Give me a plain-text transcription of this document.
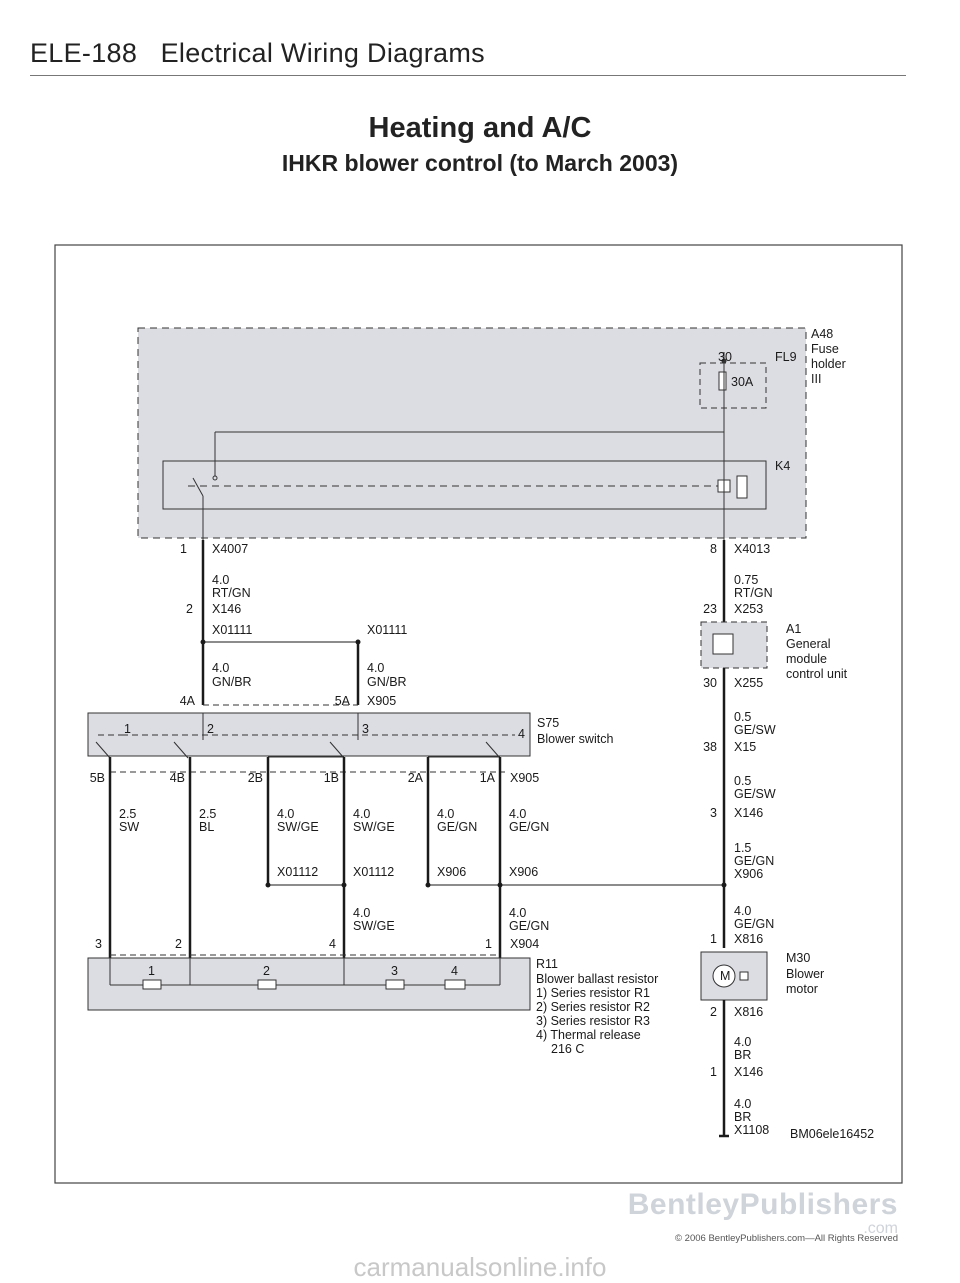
ELE-188 Electrical Wiring Diagrams
Heating and A/C
IHKR blower control (to March 2003)
A48
Fuse
holder
III
30	FL9
30A
K4
1 X4007
4.0
RT/GN
2 X146
X01111	X01111
4.0
GN/BR
4.0
GN/BR
4A	5A X905
1	2	3	4
S75
Blower switch
5B	4B	2B	1B	2A	1A X905
2.5
SW
2.5
BL
4.0
SW/GE
4.0
SW/GE
4.0
GE/GN
4.0
GE/GN
X01112	X01112	X906	X906
4.0
SW/GE
4.0
GE/GN
3	2	4	1 X904
1	2	3	4	R11
Blower ballast resistor
1) Series resistor R1
2) Series resistor R2
3) Series resistor R3
4) Thermal release
216 C
8 X4013
0.75
RT/GN
23 X253
A1
General
module
control unit
30 X255
0.5
GE/SW
38 X15
0.5
GE/SW
3 X146
1.5
GE/GN
X906
4.0
GE/GN
1 X816
M
M30
Blower
motor
2 X816
4.0
BR
1 X146
4.0
BR
X1108 BM06ele16452
BentleyPublishers
.com
© 2006 BentleyPublishers.com—All Rights Reserved
carmanualsonline.info
